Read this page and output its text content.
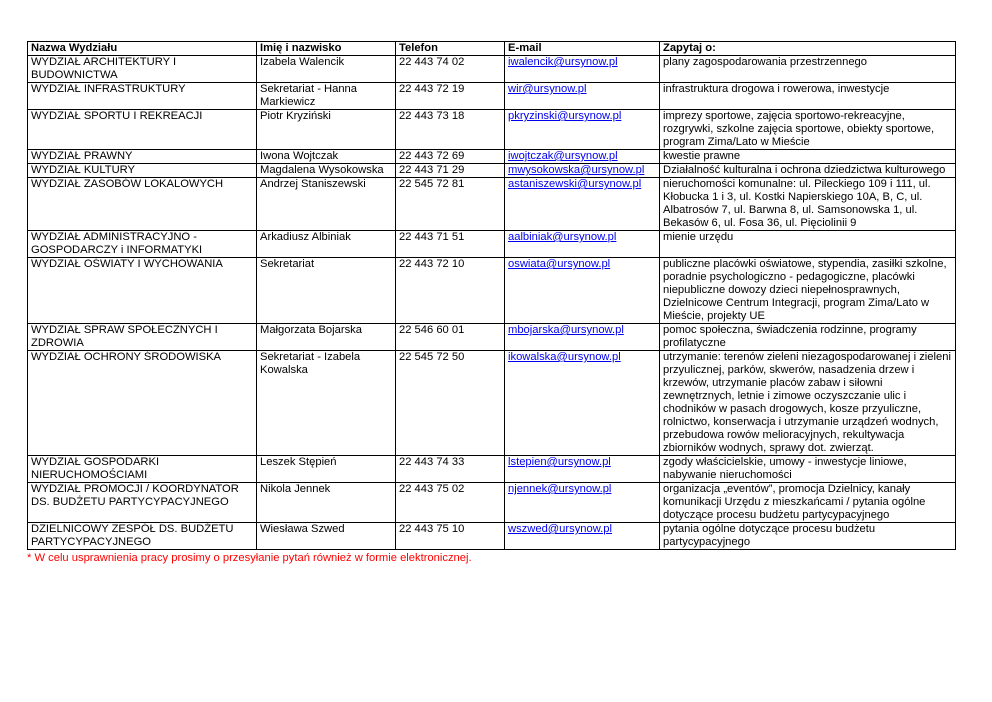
Nazwa Wydziału	Imię i nazwisko	Telefon	E-mail	Zapytaj o:
WYDZIAŁ ARCHITEKTURY I BUDOWNICTWA	Izabela Walencik	22 443 74 02	iwalencik@ursynow.pl	plany zagospodarowania przestrzennego
WYDZIAŁ INFRASTRUKTURY	Sekretariat - Hanna Markiewicz	22 443 72 19	wir@ursynow.pl	infrastruktura drogowa i rowerowa, inwestycje
WYDZIAŁ SPORTU I REKREACJI	Piotr Kryziński	22 443 73 18	pkryzinski@ursynow.pl	imprezy sportowe, zajęcia sportowo-rekreacyjne, rozgrywki, szkolne zajęcia sportowe, obiekty sportowe, program Zima/Lato w Mieście
WYDZIAŁ PRAWNY	Iwona Wojtczak	22 443 72 69	iwojtczak@ursynow.pl	kwestie prawne
WYDZIAŁ KULTURY	Magdalena Wysokowska	22 443 71 29	mwysokowska@ursynow.pl	Działalność kulturalna i ochrona dziedzictwa kulturowego
WYDZIAŁ ZASOBÓW LOKALOWYCH	Andrzej Staniszewski	22 545 72 81	astaniszewski@ursynow.pl	nieruchomości komunalne: ul. Pileckiego 109 i 111, ul. Kłobucka 1 i 3, ul. Kostki Napierskiego 10A, B, C, ul. Albatrosów 7, ul. Barwna 8, ul. Samsonowska 1, ul. Bekasów 6, ul. Fosa 36, ul. Pięciolinii 9
WYDZIAŁ ADMINISTRACYJNO - GOSPODARCZY i INFORMATYKI	Arkadiusz Albiniak	22 443 71 51	aalbiniak@ursynow.pl	mienie urzędu
WYDZIAŁ OŚWIATY I WYCHOWANIA	Sekretariat	22 443 72 10	oswiata@ursynow.pl	publiczne placówki oświatowe, stypendia, zasiłki szkolne, poradnie psychologiczno - pedagogiczne, placówki niepubliczne dowozy dzieci niepełnosprawnych, Dzielnicowe Centrum Integracji, program Zima/Lato w Mieście, projekty UE
WYDZIAŁ SPRAW SPOŁECZNYCH I ZDROWIA	Małgorzata Bojarska	22 546 60 01	mbojarska@ursynow.pl	pomoc społeczna, świadczenia rodzinne, programy profilatyczne
WYDZIAŁ OCHRONY ŚRODOWISKA	Sekretariat - Izabela Kowalska	22 545 72 50	ikowalska@ursynow.pl	utrzymanie: terenów zieleni niezagospodarowanej i zieleni przyulicznej, parków, skwerów, nasadzenia drzew i krzewów, utrzymanie placów zabaw i siłowni zewnętrznych, letnie i zimowe oczyszczanie ulic i chodników w pasach drogowych, kosze przyuliczne, rolnictwo, konserwacja i utrzymanie urządzeń wodnych, przebudowa rowów melioracyjnych, rekultywacja zbiorników wodnych, sprawy dot. zwierząt.
WYDZIAŁ GOSPODARKI NIERUCHOMOŚCIAMI	Leszek Stępień	22 443 74 33	lstepien@ursynow.pl	zgody właścicielskie, umowy - inwestycje liniowe, nabywanie nieruchomości
WYDZIAŁ PROMOCJI / KOORDYNATOR DS. BUDŻETU PARTYCYPACYJNEGO	Nikola Jennek	22 443 75 02	njennek@ursynow.pl	organizacja „eventów”, promocja Dzielnicy, kanały komunikacji Urzędu z mieszkańcami / pytania ogólne dotyczące procesu budżetu partycypacyjnego
DZIELNICOWY ZESPÓŁ DS. BUDŻETU PARTYCYPACYJNEGO	Wiesława Szwed	22 443 75 10	wszwed@ursynow.pl	pytania ogólne dotyczące procesu budżetu partycypacyjnego
* W celu usprawnienia pracy prosimy o przesyłanie pytań również w formie elektronicznej.
